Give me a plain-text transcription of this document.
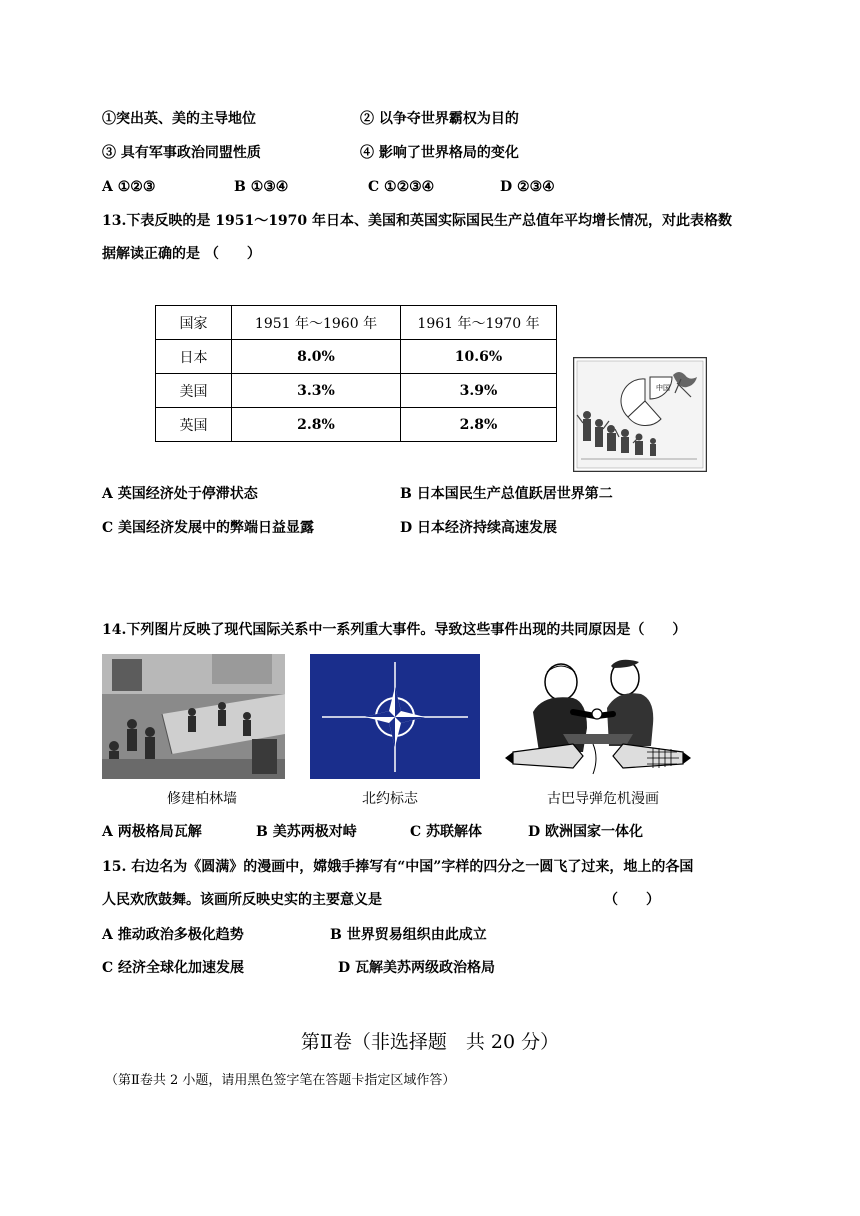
①突出英、美的主导地位	② 以争夺世界霸权为目的
③ 具有军事政治同盟性质	④ 影响了世界格局的变化
A ①②③	B ①③④	C ①②③④	D ②③④
13.下表反映的是 1951～1970 年日本、美国和英国实际国民生产总值年平均增长情况，对此表格数
据解读正确的是 （　　）
国家	1951 年～1960 年	1961 年～1970 年
日本	8.0%	10.6%
美国	3.3%	3.9%
英国	2.8%	2.8%
中国
A 英国经济处于停滞状态	B 日本国民生产总值跃居世界第二
C 美国经济发展中的弊端日益显露	D 日本经济持续高速发展
14.下列图片反映了现代国际关系中一系列重大事件。导致这些事件出现的共同原因是（　　）
修建柏林墙	北约标志	古巴导弹危机漫画
A 两极格局瓦解	B 美苏两极对峙	C 苏联解体	D 欧洲国家一体化
15. 右边名为《圆满》的漫画中，嫦娥手捧写有“中国”字样的四分之一圆飞了过来，地上的各国
人民欢欣鼓舞。该画所反映史实的主要意义是	（　　）
A 推动政治多极化趋势	B 世界贸易组织由此成立
C 经济全球化加速发展	D 瓦解美苏两级政治格局
第Ⅱ卷（非选择题　共 20 分）
（第Ⅱ卷共 2 小题，请用黑色签字笔在答题卡指定区域作答）
